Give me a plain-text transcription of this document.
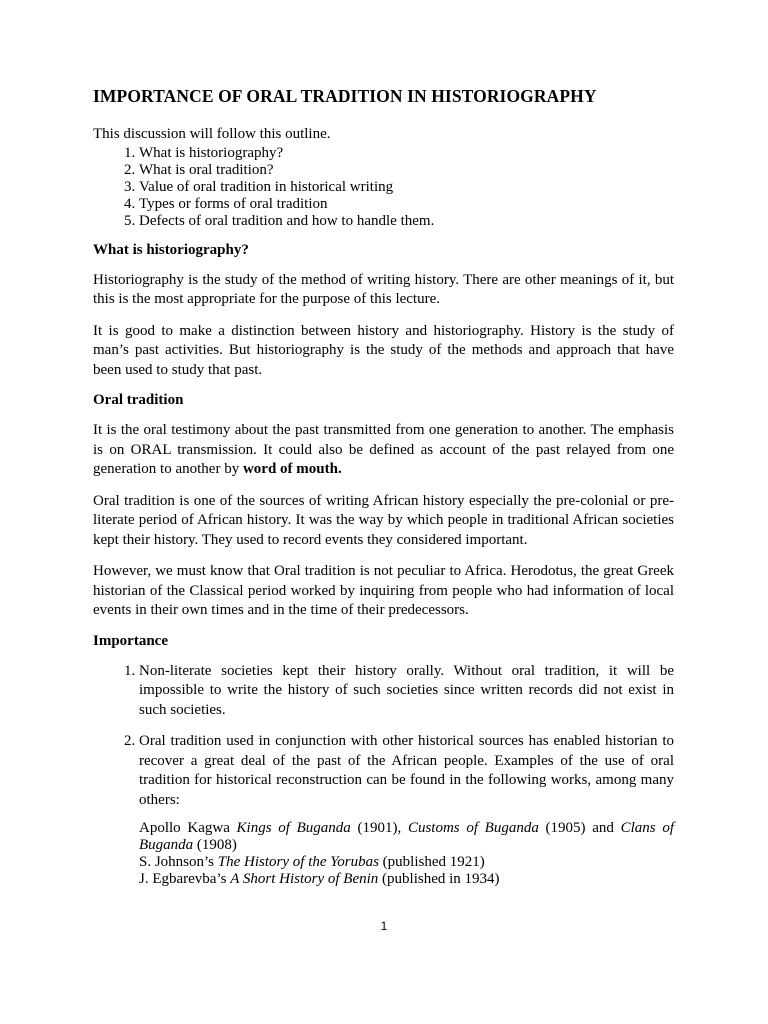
IMPORTANCE OF ORAL TRADITION IN HISTORIOGRAPHY

This discussion will follow this outline.

1. What is historiography?
2. What is oral tradition?
3. Value of oral tradition in historical writing
4. Types or forms of oral tradition
5. Defects of oral tradition and how to handle them.
What is historiography?

Historiography is the study of the method of writing history. There are other meanings of it, but this is the most appropriate for the purpose of this lecture.

It is good to make a distinction between history and historiography. History is the study of man’s past activities. But historiography is the study of the methods and approach that have been used to study that past.

Oral tradition

It is the oral testimony about the past transmitted from one generation to another. The emphasis is on ORAL transmission. It could also be defined as account of the past relayed from one generation to another by word of mouth.

Oral tradition is one of the sources of writing African history especially the pre-colonial or pre-literate period of African history. It was the way by which people in traditional African societies kept their history. They used to record events they considered important.

However, we must know that Oral tradition is not peculiar to Africa. Herodotus, the great Greek historian of the Classical period worked by inquiring from people who had information of local events in their own times and in the time of their predecessors.

Importance
1. Non-literate societies kept their history orally. Without oral tradition, it will be impossible to write the history of such societies since written records did not exist in such societies.
2. Oral tradition used in conjunction with other historical sources has enabled historian to recover a great deal of the past of the African people. Examples of the use of oral tradition for historical reconstruction can be found in the following works, among many others:

Apollo Kagwa Kings of Buganda (1901), Customs of Buganda (1905) and Clans of Buganda (1908)

S. Johnson’s The History of the Yorubas (published 1921)

J. Egbarevba’s A Short History of Benin (published in 1934)

1
